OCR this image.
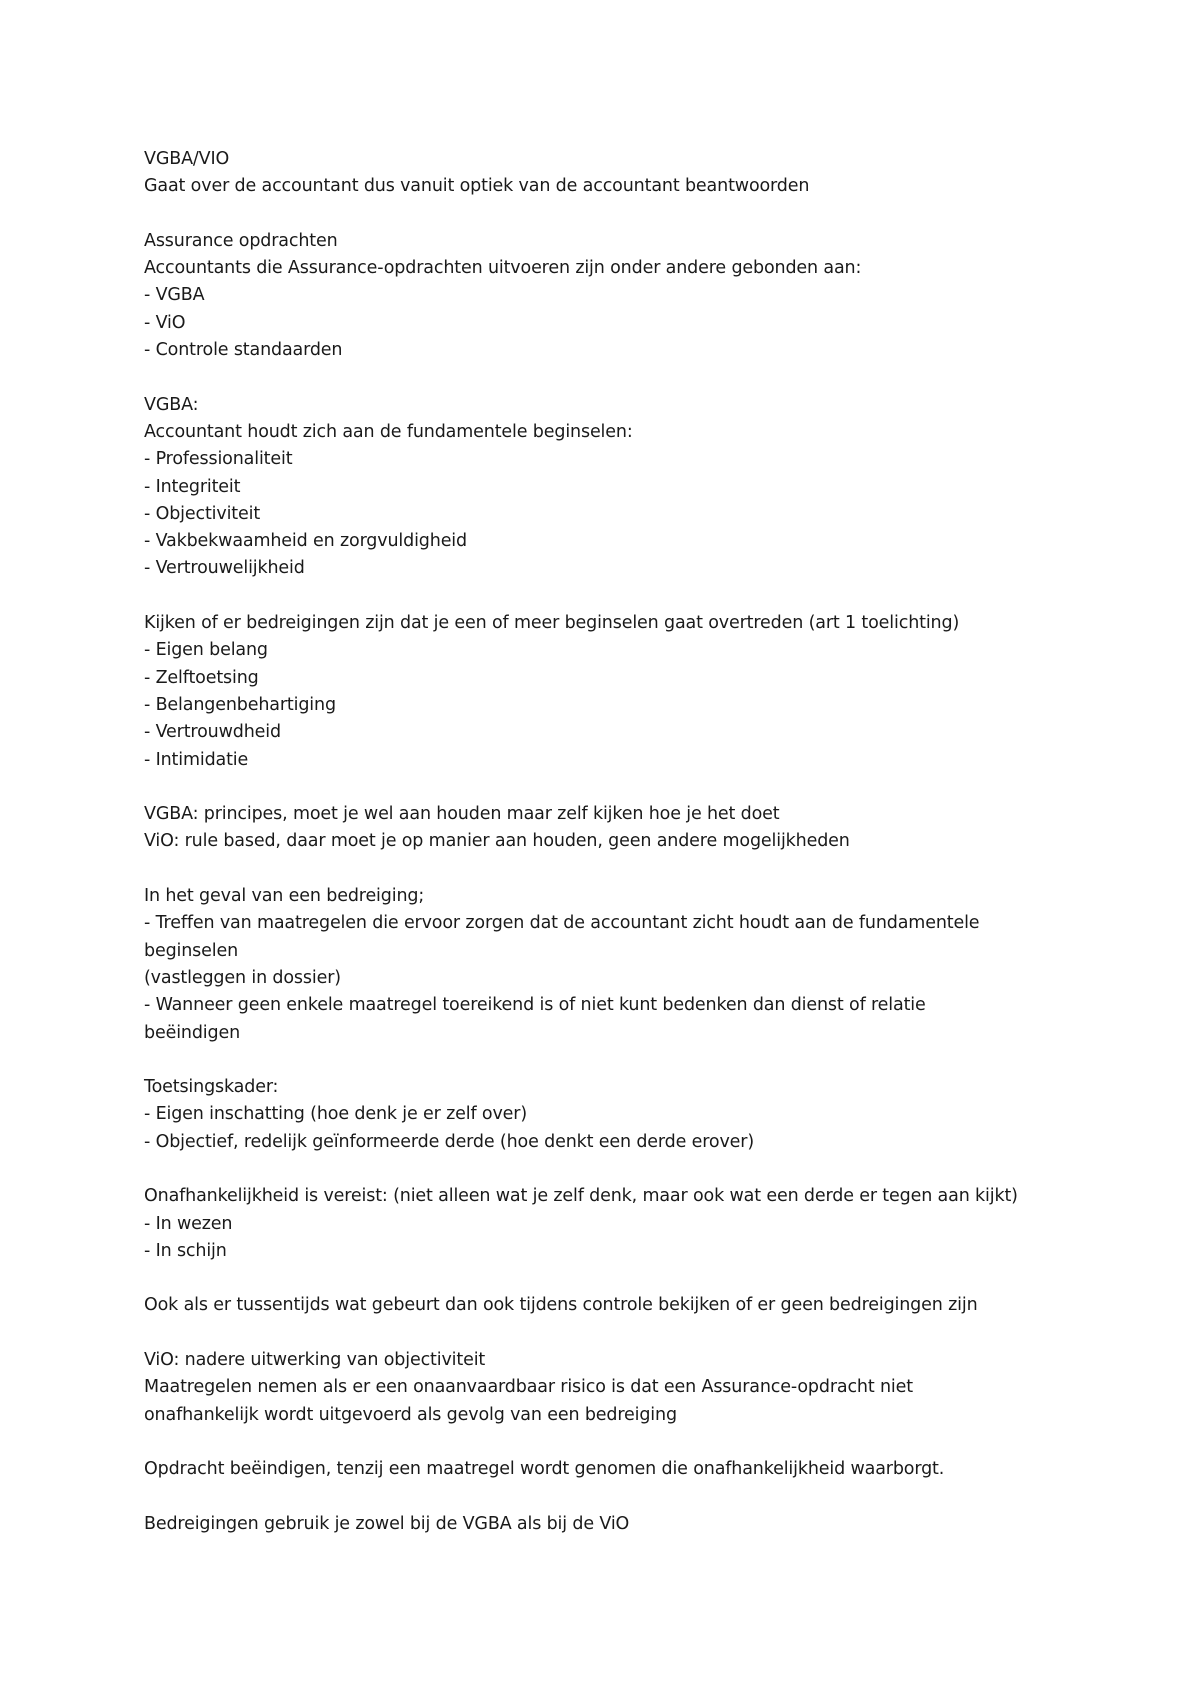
VGBA/VIO
Gaat over de accountant dus vanuit optiek van de accountant beantwoorden
Assurance opdrachten
Accountants die Assurance-opdrachten uitvoeren zijn onder andere gebonden aan:
- VGBA
- ViO
- Controle standaarden
VGBA:
Accountant houdt zich aan de fundamentele beginselen:
- Professionaliteit
- Integriteit
- Objectiviteit
- Vakbekwaamheid en zorgvuldigheid
- Vertrouwelijkheid
Kijken of er bedreigingen zijn dat je een of meer beginselen gaat overtreden (art 1 toelichting)
- Eigen belang
- Zelftoetsing
- Belangenbehartiging
- Vertrouwdheid
- Intimidatie
VGBA: principes, moet je wel aan houden maar zelf kijken hoe je het doet
ViO: rule based, daar moet je op manier aan houden, geen andere mogelijkheden
In het geval van een bedreiging;
- Treffen van maatregelen die ervoor zorgen dat de accountant zicht houdt aan de fundamentele
beginselen
(vastleggen in dossier)
- Wanneer geen enkele maatregel toereikend is of niet kunt bedenken dan dienst of relatie
beëindigen
Toetsingskader:
- Eigen inschatting (hoe denk je er zelf over)
- Objectief, redelijk geïnformeerde derde (hoe denkt een derde erover)
Onafhankelijkheid is vereist: (niet alleen wat je zelf denk, maar ook wat een derde er tegen aan kijkt)
- In wezen
- In schijn
Ook als er tussentijds wat gebeurt dan ook tijdens controle bekijken of er geen bedreigingen zijn
ViO: nadere uitwerking van objectiviteit
Maatregelen nemen als er een onaanvaardbaar risico is dat een Assurance-opdracht niet
onafhankelijk wordt uitgevoerd als gevolg van een bedreiging
Opdracht beëindigen, tenzij een maatregel wordt genomen die onafhankelijkheid waarborgt.
Bedreigingen gebruik je zowel bij de VGBA als bij de ViO
